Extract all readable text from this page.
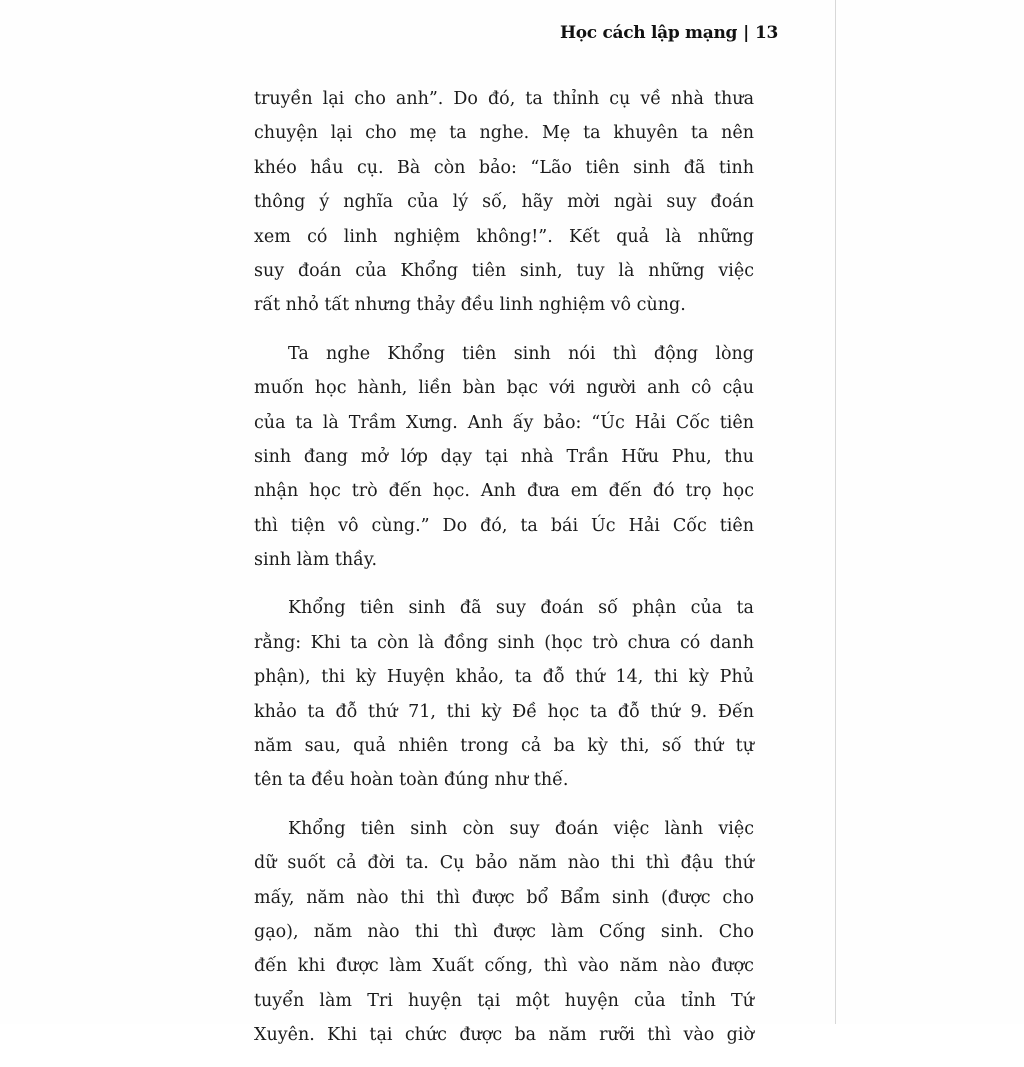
Học cách lập mạng | 13
truyền lại cho anh”. Do đó, ta thỉnh cụ về nhà thưa
chuyện lại cho mẹ ta nghe. Mẹ ta khuyên ta nên
khéo hầu cụ. Bà còn bảo: “Lão tiên sinh đã tinh
thông ý nghĩa của lý số, hãy mời ngài suy đoán
xem có linh nghiệm không!”. Kết quả là những
suy đoán của Khổng tiên sinh, tuy là những việc
rất nhỏ tất nhưng thảy đều linh nghiệm vô cùng.
Ta nghe Khổng tiên sinh nói thì động lòng
muốn học hành, liền bàn bạc với người anh cô cậu
của ta là Trầm Xưng. Anh ấy bảo: “Úc Hải Cốc tiên
sinh đang mở lớp dạy tại nhà Trần Hữu Phu, thu
nhận học trò đến học. Anh đưa em đến đó trọ học
thì tiện vô cùng.” Do đó, ta bái Úc Hải Cốc tiên
sinh làm thầy.
Khổng tiên sinh đã suy đoán số phận của ta
rằng: Khi ta còn là đồng sinh (học trò chưa có danh
phận), thi kỳ Huyện khảo, ta đỗ thứ 14, thi kỳ Phủ
khảo ta đỗ thứ 71, thi kỳ Đề học ta đỗ thứ 9. Đến
năm sau, quả nhiên trong cả ba kỳ thi, số thứ tự
tên ta đều hoàn toàn đúng như thế.
Khổng tiên sinh còn suy đoán việc lành việc
dữ suốt cả đời ta. Cụ bảo năm nào thi thì đậu thứ
mấy, năm nào thi thì được bổ Bẩm sinh (được cho
gạo), năm nào thi thì được làm Cống sinh. Cho
đến khi được làm Xuất cống, thì vào năm nào được
tuyển làm Tri huyện tại một huyện của tỉnh Tứ
Xuyên. Khi tại chức được ba năm rưỡi thì vào giờ
